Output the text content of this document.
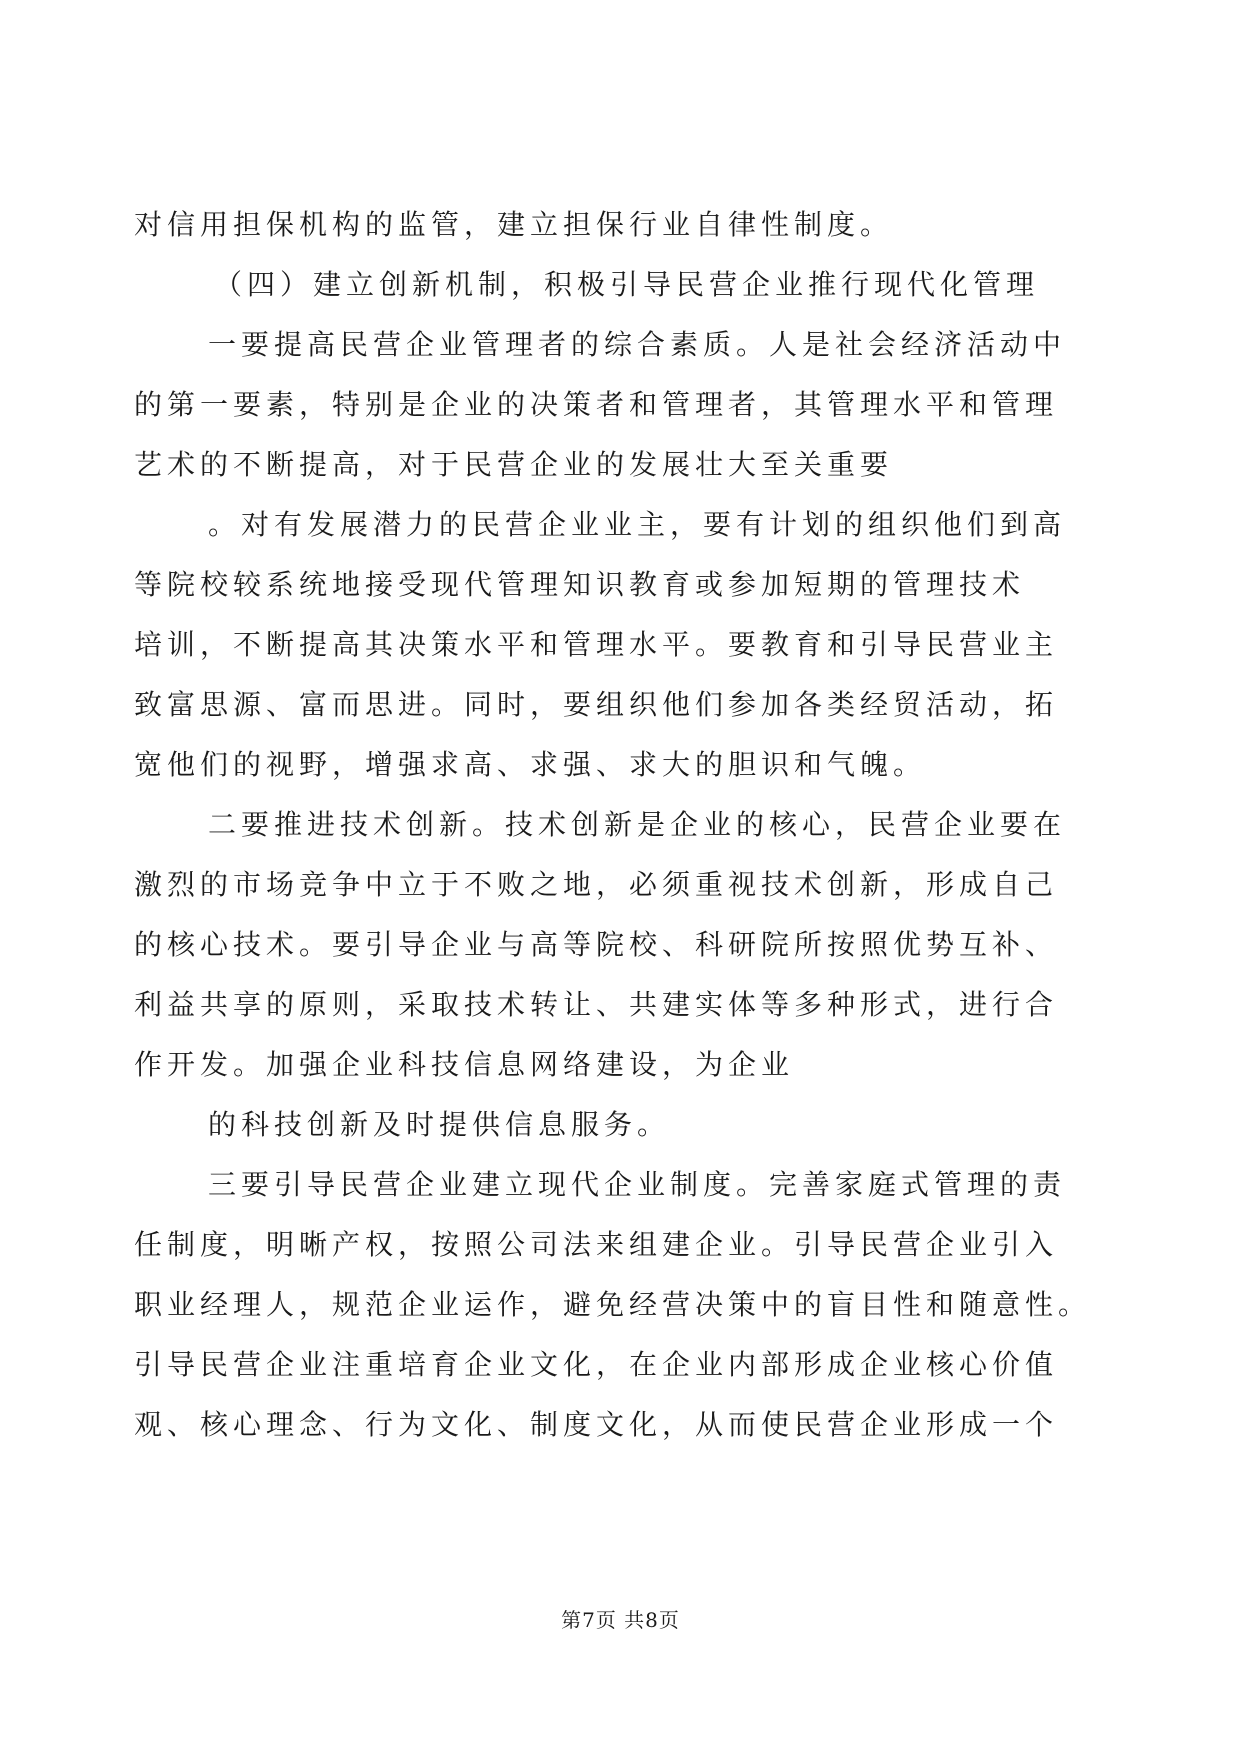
对信用担保机构的监管，建立担保行业自律性制度。
（四）建立创新机制，积极引导民营企业推行现代化管理
一要提高民营企业管理者的综合素质。人是社会经济活动中
的第一要素，特别是企业的决策者和管理者，其管理水平和管理
艺术的不断提高，对于民营企业的发展壮大至关重要
。对有发展潜力的民营企业业主，要有计划的组织他们到高
等院校较系统地接受现代管理知识教育或参加短期的管理技术
培训，不断提高其决策水平和管理水平。要教育和引导民营业主
致富思源、富而思进。同时，要组织他们参加各类经贸活动，拓
宽他们的视野，增强求高、求强、求大的胆识和气魄。
二要推进技术创新。技术创新是企业的核心，民营企业要在
激烈的市场竞争中立于不败之地，必须重视技术创新，形成自己
的核心技术。要引导企业与高等院校、科研院所按照优势互补、
利益共享的原则，采取技术转让、共建实体等多种形式，进行合
作开发。加强企业科技信息网络建设，为企业
的科技创新及时提供信息服务。
三要引导民营企业建立现代企业制度。完善家庭式管理的责
任制度，明晰产权，按照公司法来组建企业。引导民营企业引入
职业经理人，规范企业运作，避免经营决策中的盲目性和随意性。
引导民营企业注重培育企业文化，在企业内部形成企业核心价值
观、核心理念、行为文化、制度文化，从而使民营企业形成一个
第7页 共8页
